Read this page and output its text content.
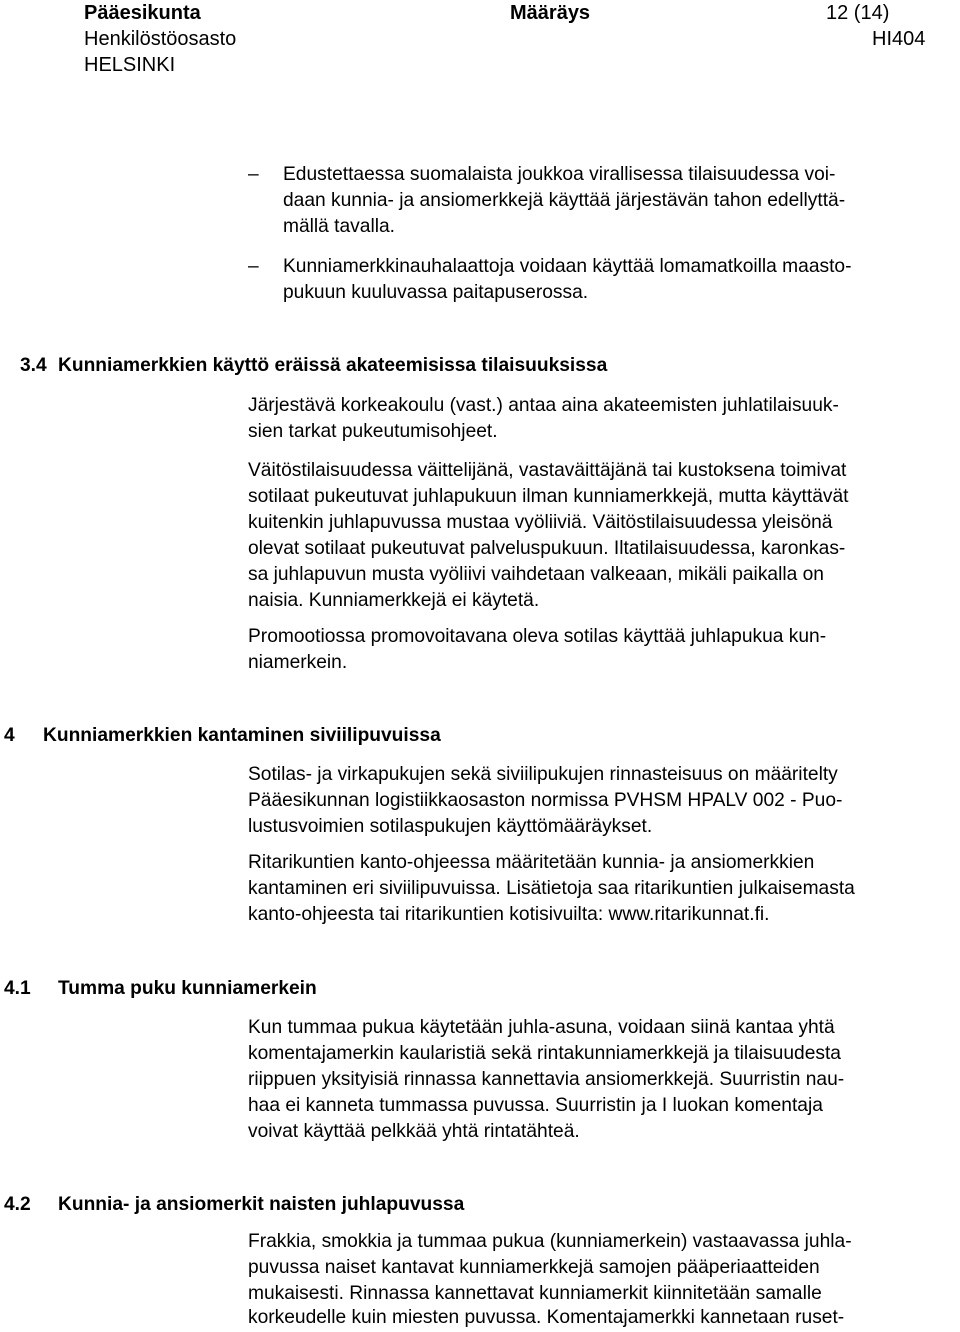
Pääesikunta	Määräys	12 (14)
Henkilöstöosasto	HI404
HELSINKI
– Edustettaessa suomalaista joukkoa virallisessa tilaisuudessa voi-
daan kunnia- ja ansiomerkkejä käyttää järjestävän tahon edellyttä-
mällä tavalla.
– Kunniamerkkinauhalaattoja voidaan käyttää lomamatkoilla maasto-
pukuun kuuluvassa paitapuserossa.
3.4 Kunniamerkkien käyttö eräissä akateemisissa tilaisuuksissa
Järjestävä korkeakoulu (vast.) antaa aina akateemisten juhlatilaisuuk-
sien tarkat pukeutumisohjeet.
Väitöstilaisuudessa väittelijänä, vastaväittäjänä tai kustoksena toimivat
sotilaat pukeutuvat juhlapukuun ilman kunniamerkkejä, mutta käyttävät
kuitenkin juhlapuvussa mustaa vyöliiviä. Väitöstilaisuudessa yleisönä
olevat sotilaat pukeutuvat palveluspukuun. Iltatilaisuudessa, karonkas-
sa juhlapuvun musta vyöliivi vaihdetaan valkeaan, mikäli paikalla on
naisia. Kunniamerkkejä ei käytetä.
Promootiossa promovoitavana oleva sotilas käyttää juhlapukua kun-
niamerkein.
4 Kunniamerkkien kantaminen siviilipuvuissa
Sotilas- ja virkapukujen sekä siviilipukujen rinnasteisuus on määritelty
Pääesikunnan logistiikkaosaston normissa PVHSM HPALV 002 - Puo-
lustusvoimien sotilaspukujen käyttömääräykset.
Ritarikuntien kanto-ohjeessa määritetään kunnia- ja ansiomerkkien
kantaminen eri siviilipuvuissa. Lisätietoja saa ritarikuntien julkaisemasta
kanto-ohjeesta tai ritarikuntien kotisivuilta: www.ritarikunnat.fi.
4.1 Tumma puku kunniamerkein
Kun tummaa pukua käytetään juhla-asuna, voidaan siinä kantaa yhtä
komentajamerkin kaularistiä sekä rintakunniamerkkejä ja tilaisuudesta
riippuen yksityisiä rinnassa kannettavia ansiomerkkejä. Suurristin nau-
haa ei kanneta tummassa puvussa. Suurristin ja I luokan komentaja
voivat käyttää pelkkää yhtä rintatähteä.
4.2 Kunnia- ja ansiomerkit naisten juhlapuvussa
Frakkia, smokkia ja tummaa pukua (kunniamerkein) vastaavassa juhla-
puvussa naiset kantavat kunniamerkkejä samojen pääperiaatteiden
mukaisesti. Rinnassa kannettavat kunniamerkit kiinnitetään samalle
korkeudelle kuin miesten puvussa. Komentajamerkki kannetaan ruset-
